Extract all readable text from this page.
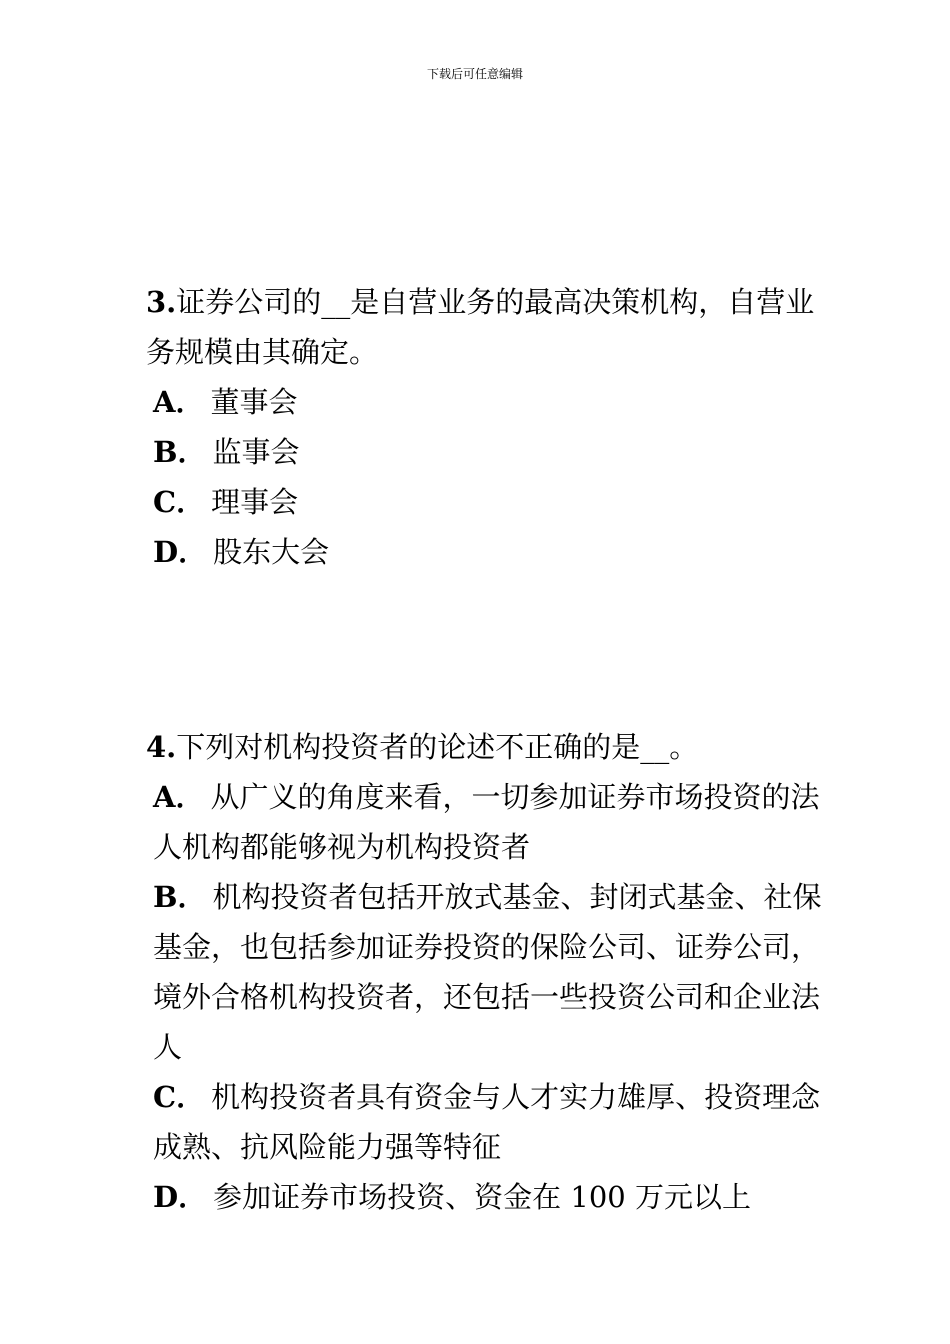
下载后可任意编辑

3.证券公司的__是自营业务的最高决策机构，自营业务规模由其确定。

A． 董事会

B． 监事会

C． 理事会

D． 股东大会

4.下列对机构投资者的论述不正确的是__。

A． 从广义的角度来看，一切参加证券市场投资的法人机构都能够视为机构投资者

B． 机构投资者包括开放式基金、封闭式基金、社保基金，也包括参加证券投资的保险公司、证券公司，境外合格机构投资者，还包括一些投资公司和企业法人

C． 机构投资者具有资金与人才实力雄厚、投资理念成熟、抗风险能力强等特征

D． 参加证券市场投资、资金在 100 万元以上
